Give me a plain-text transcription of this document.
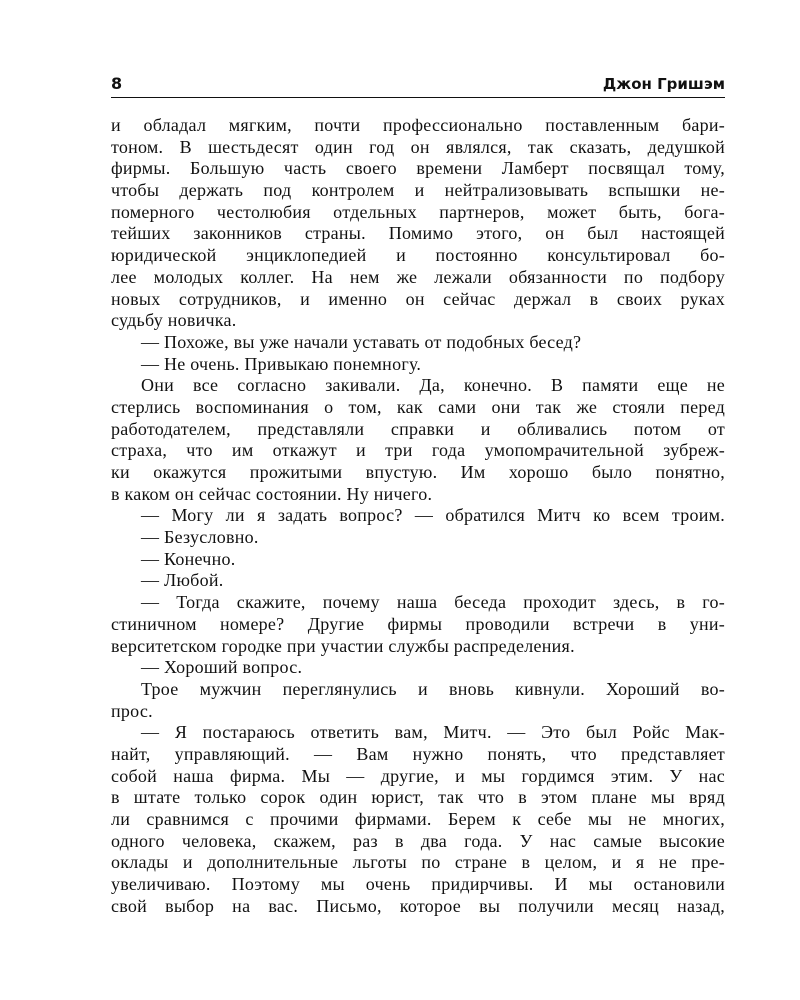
8	Джон Гришэм
и обладал мягким, почти профессионально поставленным бари-
тоном. В шестьдесят один год он являлся, так сказать, дедушкой
фирмы. Большую часть своего времени Ламберт посвящал тому,
чтобы держать под контролем и нейтрализовывать вспышки не-
померного честолюбия отдельных партнеров, может быть, бога-
тейших законников страны. Помимо этого, он был настоящей
юридической энциклопедией и постоянно консультировал бо-
лее молодых коллег. На нем же лежали обязанности по подбору
новых сотрудников, и именно он сейчас держал в своих руках
судьбу новичка.
— Похоже, вы уже начали уставать от подобных бесед?
— Не очень. Привыкаю понемногу.
Они все согласно закивали. Да, конечно. В памяти еще не
стерлись воспоминания о том, как сами они так же стояли перед
работодателем, представляли справки и обливались потом от
страха, что им откажут и три года умопомрачительной зубреж-
ки окажутся прожитыми впустую. Им хорошо было понятно,
в каком он сейчас состоянии. Ну ничего.
— Могу ли я задать вопрос? — обратился Митч ко всем троим.
— Безусловно.
— Конечно.
— Любой.
— Тогда скажите, почему наша беседа проходит здесь, в го-
стиничном номере? Другие фирмы проводили встречи в уни-
верситетском городке при участии службы распределения.
— Хороший вопрос.
Трое мужчин переглянулись и вновь кивнули. Хороший во-
прос.
— Я постараюсь ответить вам, Митч. — Это был Ройс Мак-
найт, управляющий. — Вам нужно понять, что представляет
собой наша фирма. Мы — другие, и мы гордимся этим. У нас
в штате только сорок один юрист, так что в этом плане мы вряд
ли сравнимся с прочими фирмами. Берем к себе мы не многих,
одного человека, скажем, раз в два года. У нас самые высокие
оклады и дополнительные льготы по стране в целом, и я не пре-
увеличиваю. Поэтому мы очень придирчивы. И мы остановили
свой выбор на вас. Письмо, которое вы получили месяц назад,
